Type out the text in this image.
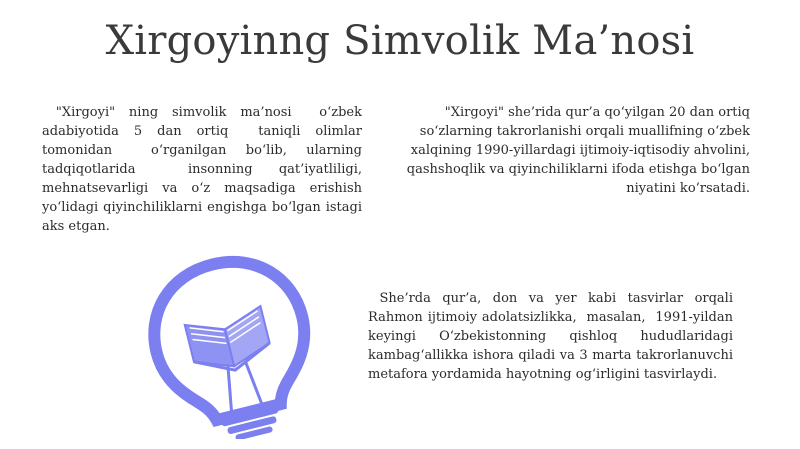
Xirgoyinng Simvolik Ma’nosi
"Xirgoyi" ning simvolik ma’nosi  o‘zbek adabiyotida 5 dan ortiq  taniqli olimlar tomonidan  o‘rganilgan bo‘lib, ularning tadqiqotlarida  insonning qat’iyatliligi, mehnatsevarligi va o‘z maqsadiga erishish yo‘lidagi qiyinchiliklarni engishga bo‘lgan istagi aks etgan.
"Xirgoyi" she’rida qur’a qo‘yilgan 20 dan ortiq so‘zlarning takrorlanishi orqali muallifning o‘zbek xalqining 1990-yillardagi ijtimoiy-iqtisodiy ahvolini, qashshoqlik va qiyinchiliklarni ifoda etishga bo‘lgan niyatini ko‘rsatadi.
She’rda qur’a, don va yer kabi tasvirlar orqali Rahmon ijtimoiy adolatsizlikka,  masalan,  1991-yildan keyingi O‘zbekistonning qishloq hududlaridagi kambag‘allikka ishora qiladi va 3 marta takrorlanuvchi metafora yordamida hayotning og‘irligini tasvirlaydi.
